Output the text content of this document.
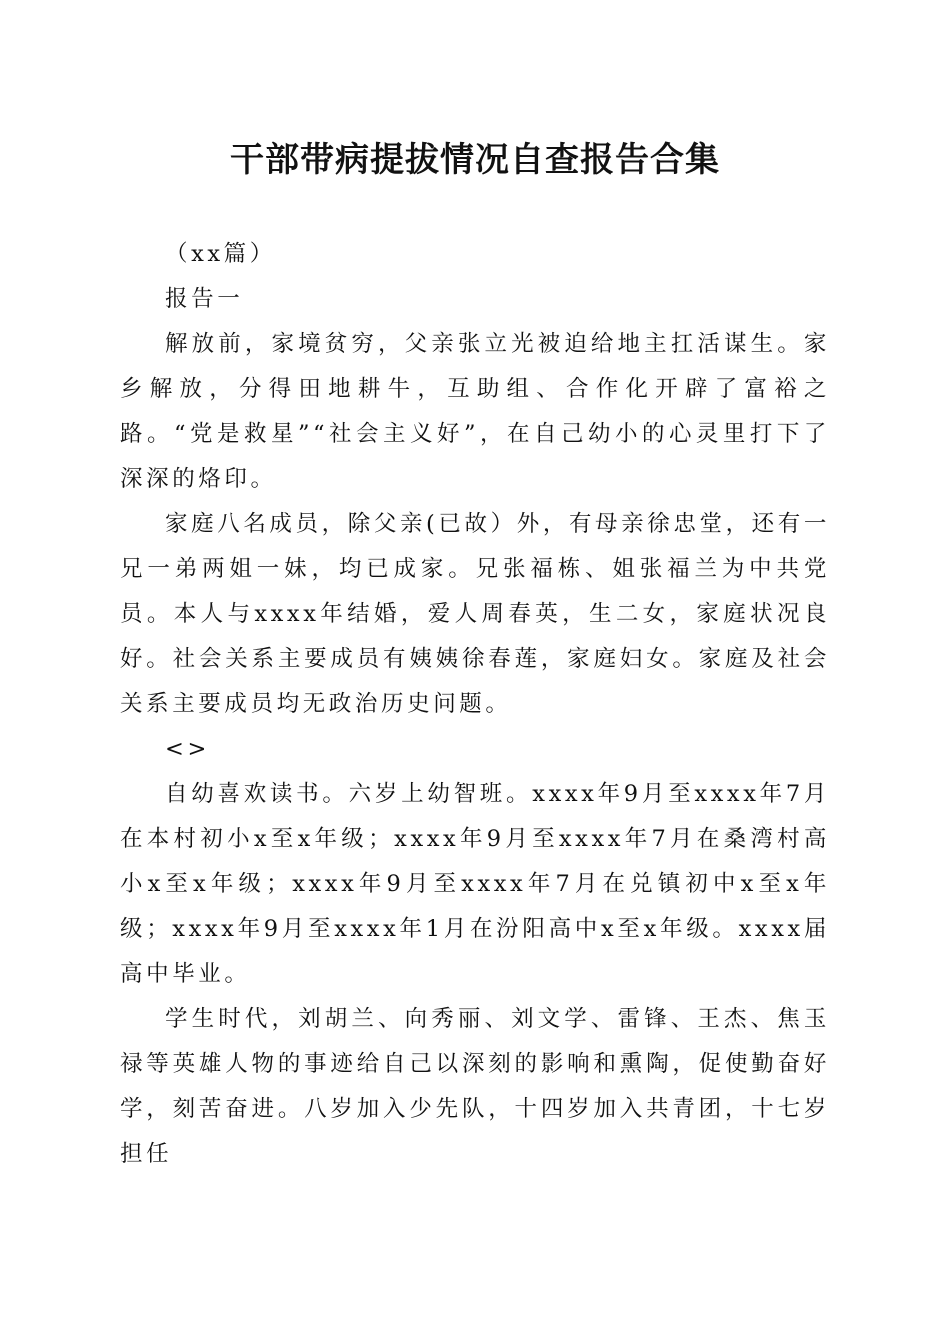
干部带病提拔情况自查报告合集

（xx篇）

报告一

解放前，家境贫穷，父亲张立光被迫给地主扛活谋生。家乡解放，分得田地耕牛，互助组、合作化开辟了富裕之路。“党是救星”“社会主义好”，在自己幼小的心灵里打下了深深的烙印。

家庭八名成员，除父亲(已故）外，有母亲徐忠堂，还有一兄一弟两姐一妹，均已成家。兄张福栋、姐张福兰为中共党员。本人与xxxx年结婚，爱人周春英，生二女，家庭状况良好。社会关系主要成员有姨姨徐春莲，家庭妇女。家庭及社会关系主要成员均无政治历史问题。

<>

自幼喜欢读书。六岁上幼智班。xxxx年9月至xxxx年7月在本村初小x至x年级；xxxx年9月至xxxx年7月在桑湾村高小x至x年级；xxxx年9月至xxxx年7月在兑镇初中x至x年级；xxxx年9月至xxxx年1月在汾阳高中x至x年级。xxxx届高中毕业。

学生时代，刘胡兰、向秀丽、刘文学、雷锋、王杰、焦玉禄等英雄人物的事迹给自己以深刻的影响和熏陶，促使勤奋好学，刻苦奋进。八岁加入少先队，十四岁加入共青团，十七岁担任
